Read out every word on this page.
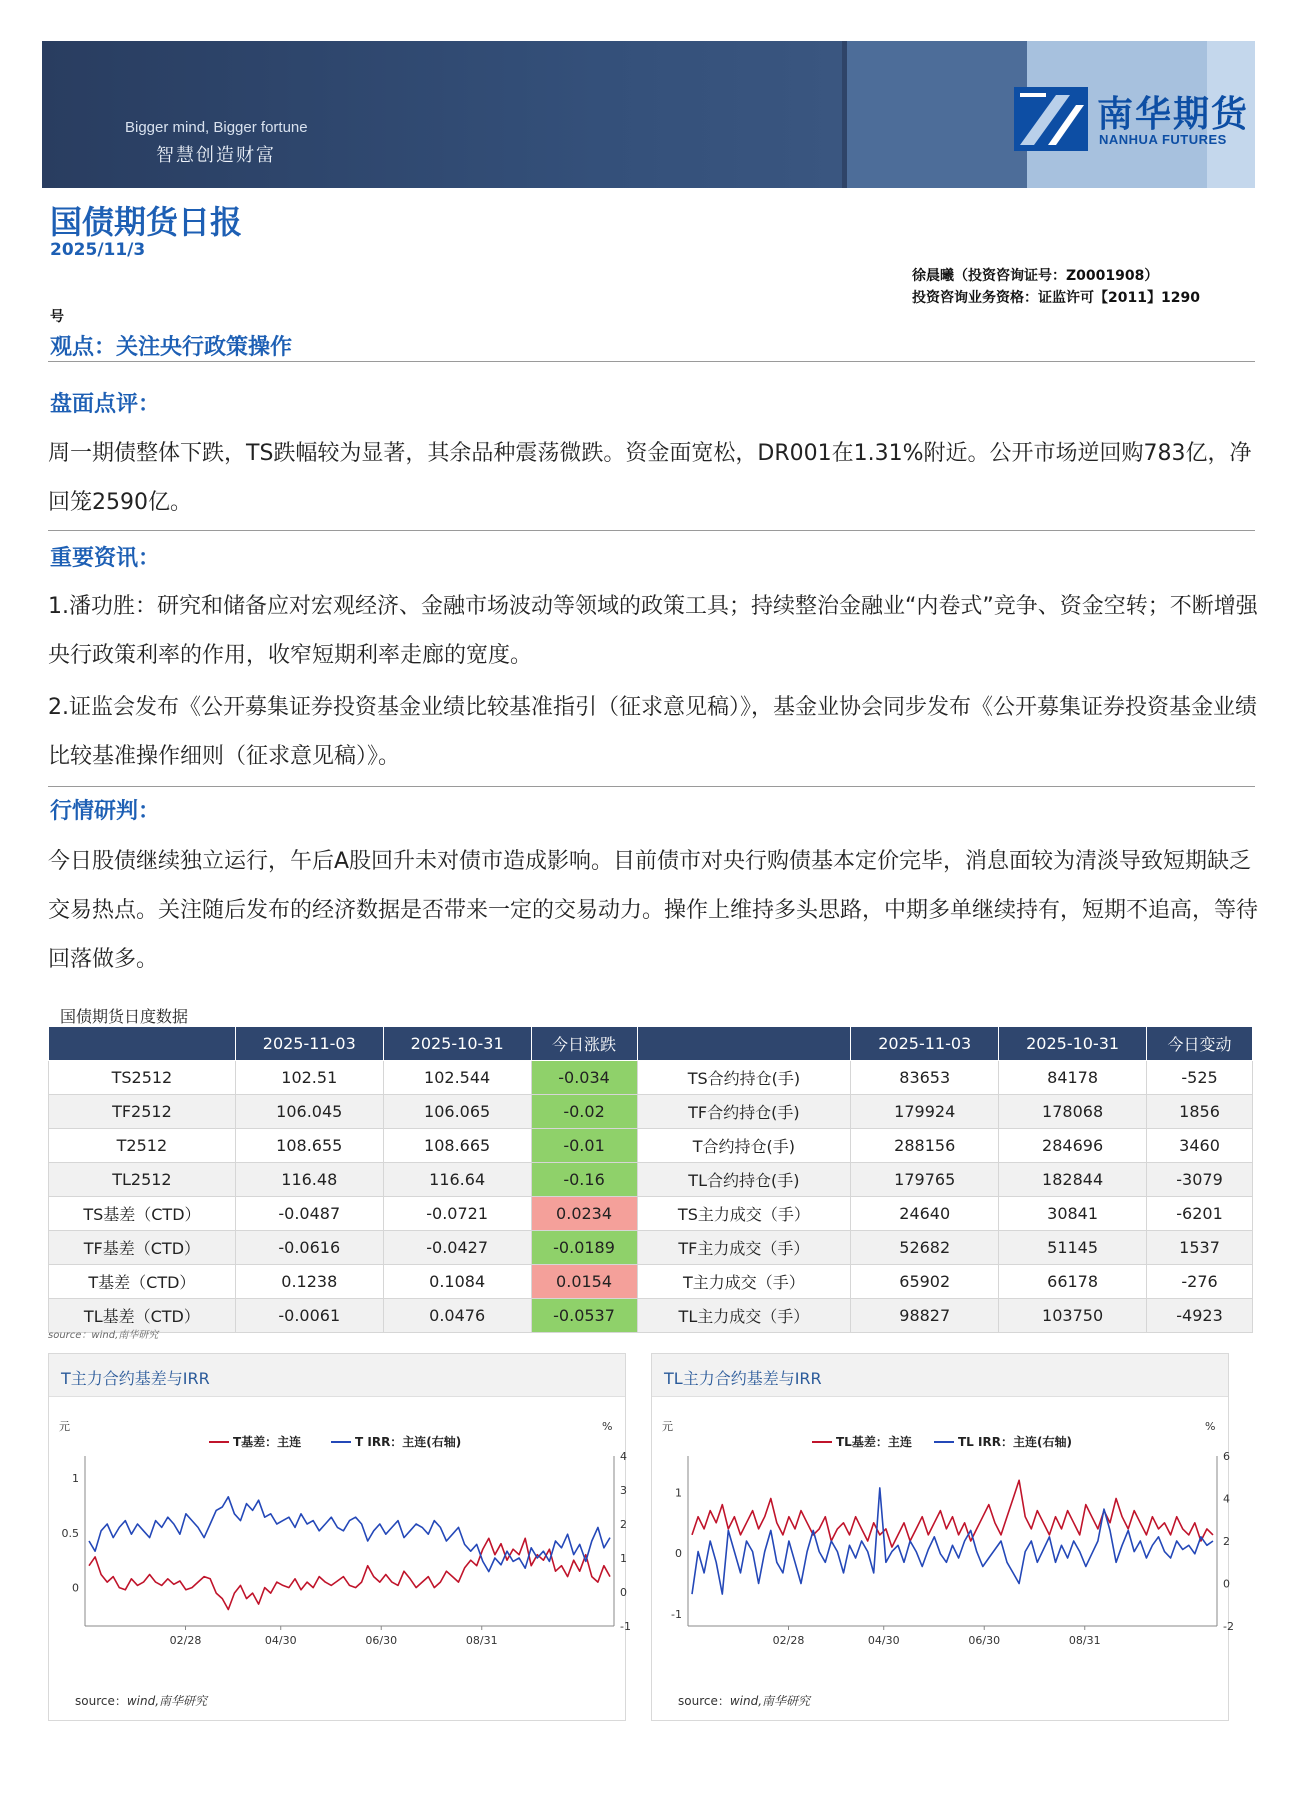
Bigger mind, Bigger fortune
智慧创造财富
南华期货
NANHUA FUTURES
国债期货日报
2025/11/3
徐晨曦（投资咨询证号：Z0001908）
投资咨询业务资格：证监许可【2011】1290
号
观点：关注央行政策操作
盘面点评：
周一期债整体下跌，TS跌幅较为显著，其余品种震荡微跌。资金面宽松，DR001在1.31%附近。公开市场逆回购783亿，净回笼2590亿。
重要资讯：
1.潘功胜：研究和储备应对宏观经济、金融市场波动等领域的政策工具；持续整治金融业“内卷式”竞争、资金空转；不断增强央行政策利率的作用，收窄短期利率走廊的宽度。
2.证监会发布《公开募集证券投资基金业绩比较基准指引（征求意见稿）》，基金业协会同步发布《公开募集证券投资基金业绩比较基准操作细则（征求意见稿）》。
行情研判：
今日股债继续独立运行，午后A股回升未对债市造成影响。目前债市对央行购债基本定价完毕，消息面较为清淡导致短期缺乏交易热点。关注随后发布的经济数据是否带来一定的交易动力。操作上维持多头思路，中期多单继续持有，短期不追高，等待回落做多。
国债期货日度数据
	2025-11-03	2025-10-31	今日涨跌		2025-11-03	2025-10-31	今日变动
TS2512	102.51	102.544	-0.034	TS合约持仓(手)	83653	84178	-525
TF2512	106.045	106.065	-0.02	TF合约持仓(手)	179924	178068	1856
T2512	108.655	108.665	-0.01	T合约持仓(手)	288156	284696	3460
TL2512	116.48	116.64	-0.16	TL合约持仓(手)	179765	182844	-3079
TS基差（CTD）	-0.0487	-0.0721	0.0234	TS主力成交（手）	24640	30841	-6201
TF基差（CTD）	-0.0616	-0.0427	-0.0189	TF主力成交（手）	52682	51145	1537
T基差（CTD）	0.1238	0.1084	0.0154	T主力成交（手）	65902	66178	-276
TL基差（CTD）	-0.0061	0.0476	-0.0537	TL主力成交（手）	98827	103750	-4923
source：wind,南华研究
T主力合约基差与IRR
元	%
T基差：主连	T IRR：主连(右轴)
1
0.5
0
4
3
2
1
0
-1
02/28	04/30	06/30	08/31
source：wind,南华研究
TL主力合约基差与IRR
元	%
TL基差：主连	TL IRR：主连(右轴)
1
0
-1
6
4
2
0
-2
02/28	04/30	06/30	08/31
source：wind,南华研究
